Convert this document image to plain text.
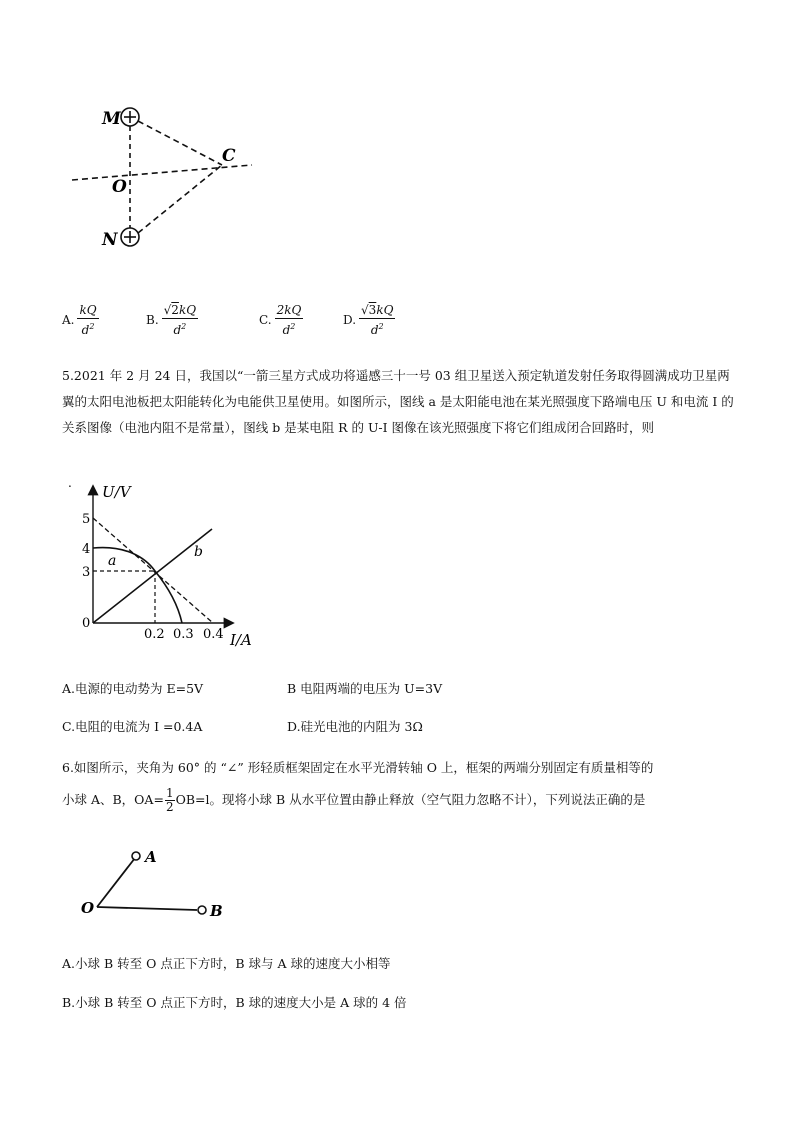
M
O
N
C
A. $\frac{kQ}{d^2}$	B. $\frac{√2kQ}{d^2}$	C. $\frac{2kQ}{d^2}$	D. $\frac{√3kQ}{d^2}$
5.2021 年 2 月 24 日，我国以“一箭三星方式成功将遥感三十一号 03 组卫星送入预定轨道发射任务取得圆满成功卫星两翼的太阳电池板把太阳能转化为电能供卫星使用。如图所示，图线 a 是太阳能电池在某光照强度下路端电压 U 和电流 I 的关系图像（电池内阻不是常量），图线 b 是某电阻 R 的 U-I 图像在该光照强度下将它们组成闭合回路时，则
. U/V
I/A
5
4
3
0
0.2 0.3 0.4
a
b
A.电源的电动势为 E=5V	B 电阻两端的电压为 U=3V
C.电阻的电流为 I =0.4A	D.硅光电池的内阻为 3Ω
6.如图所示，夹角为 60° 的 “∠” 形轻质框架固定在水平光滑转轴 O 上，框架的两端分别固定有质量相等的
小球 A、B，$OA= \frac{1}{2} OB=l$。现将小球 B 从水平位置由静止释放（空气阻力忽略不计），下列说法正确的是
A
O	B
A.小球 B 转至 O 点正下方时，B 球与 A 球的速度大小相等
B.小球 B 转至 O 点正下方时，B 球的速度大小是 A 球的 4 倍
